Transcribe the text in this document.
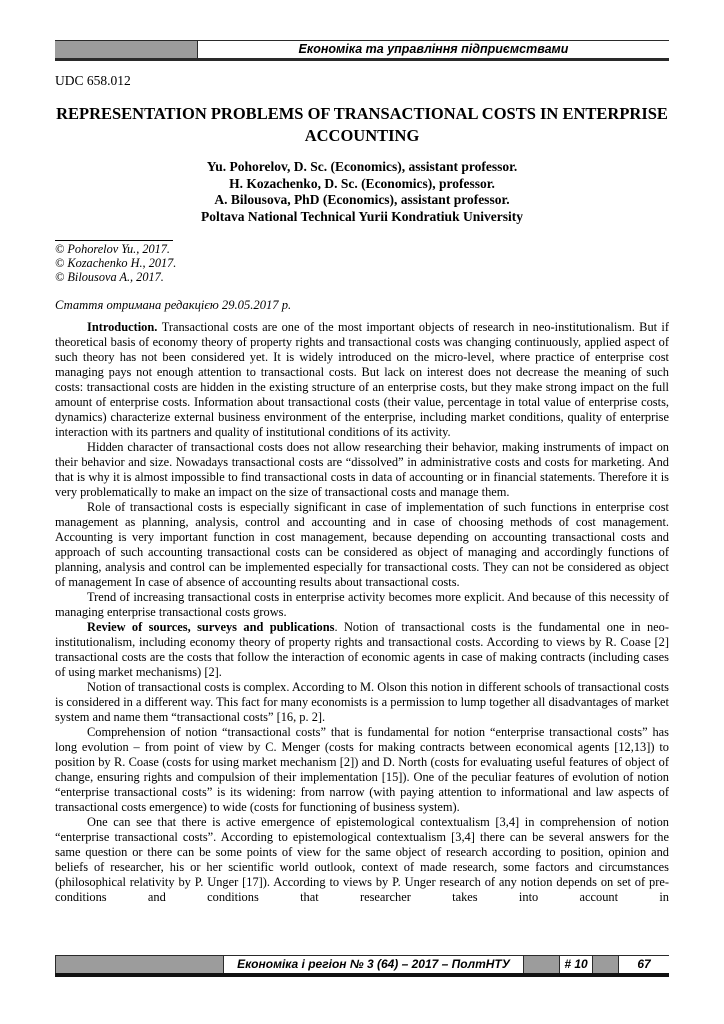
Економіка та управління підприємствами
UDC 658.012
REPRESENTATION PROBLEMS OF TRANSACTIONAL COSTS IN ENTERPRISE ACCOUNTING
Yu. Pohorelov, D. Sc. (Economics), assistant professor.
H. Kozachenko, D. Sc. (Economics), professor.
A. Bilousova, PhD (Economics), assistant professor.
Poltava National Technical Yurii Kondratiuk University
© Pohorelov Yu., 2017.
© Kozachenko H., 2017.
© Bilousova A., 2017.
Стаття отримана редакцією 29.05.2017 р.

Introduction. Transactional costs are one of the most important objects of research in neo-institutionalism. But if theoretical basis of economy theory of property rights and transactional costs was changing continuously, applied aspect of such theory has not been considered yet. It is widely introduced on the micro-level, where practice of enterprise cost managing pays not enough attention to transactional costs. But lack on interest does not decrease the meaning of such costs: transactional costs are hidden in the existing structure of an enterprise costs, but they make strong impact on the full amount of enterprise costs. Information about transactional costs (their value, percentage in total value of enterprise costs, dynamics) characterize external business environment of the enterprise, including market conditions, quality of enterprise interaction with its partners and quality of institutional conditions of its activity.

Hidden character of transactional costs does not allow researching their behavior, making instruments of impact on their behavior and size. Nowadays transactional costs are “dissolved” in administrative costs and costs for marketing. And that is why it is almost impossible to find transactional costs in data of accounting or in financial statements. Therefore it is very problematically to make an impact on the size of transactional costs and manage them.

Role of transactional costs is especially significant in case of implementation of such functions in enterprise cost management as planning, analysis, control and accounting and in case of choosing methods of cost management. Accounting is very important function in cost management, because depending on accounting transactional costs and approach of such accounting transactional costs can be considered as object of managing and accordingly functions of planning, analysis and control can be implemented especially for transactional costs. They can not be considered as object of management In case of absence of accounting results about transactional costs.

Trend of increasing transactional costs in enterprise activity becomes more explicit. And because of this necessity of managing enterprise transactional costs grows.

Review of sources, surveys and publications. Notion of transactional costs is the fundamental one in neo-institutionalism, including economy theory of property rights and transactional costs. According to views by R. Coase [2] transactional costs are the costs that follow the interaction of economic agents in case of making contracts (including cases of using market mechanisms) [2].

Notion of transactional costs is complex. According to M. Olson this notion in different schools of transactional costs is considered in a different way. This fact for many economists is a permission to lump together all disadvantages of market system and name them “transactional costs” [16, p. 2].

Comprehension of notion “transactional costs” that is fundamental for notion “enterprise transactional costs” has long evolution – from point of view by C. Menger (costs for making contracts between economical agents [12,13]) to position by R. Coase (costs for using market mechanism [2]) and D. North (costs for evaluating useful features of object of change, ensuring rights and compulsion of their implementation [15]). One of the peculiar features of evolution of notion “enterprise transactional costs” is its widening: from narrow (with paying attention to informational and law aspects of transactional costs emergence) to wide (costs for functioning of business system).

One can see that there is active emergence of epistemological contextualism [3,4] in comprehension of notion “enterprise transactional costs”. According to epistemological contextualism [3,4] there can be several answers for the same question or there can be some points of view for the same object of research according to position, opinion and beliefs of researcher, his or her scientific world outlook, context of made research, some factors and circumstances (philosophical relativity by P. Unger [17]). According to views by P. Unger research of any notion depends on set of pre-conditions and conditions that researcher takes into account in

Економіка і регіон № 3 (64) – 2017 – ПолтНТУ	# 10	67
